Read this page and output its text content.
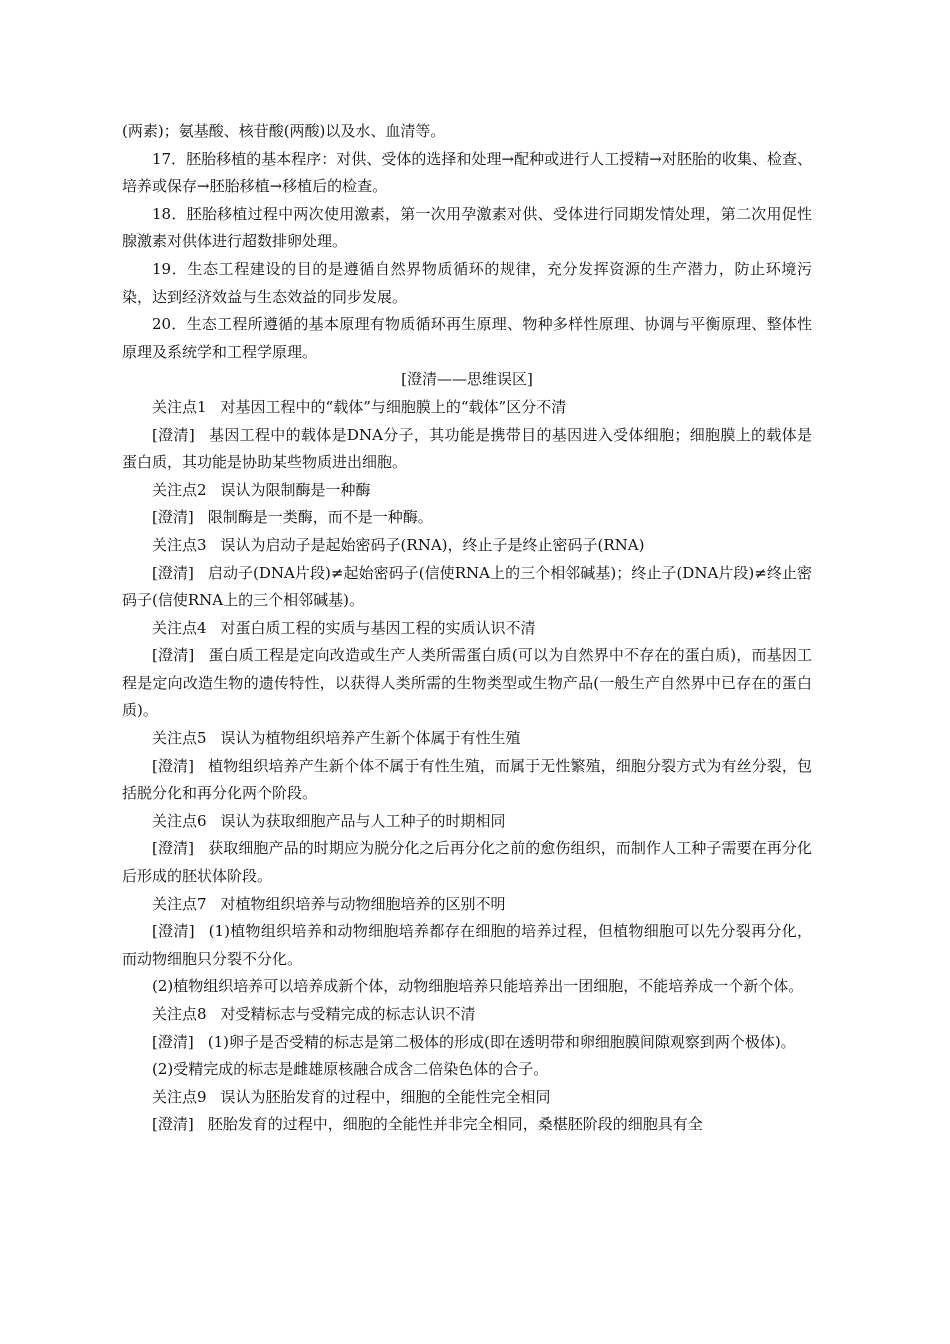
(两素)；氨基酸、核苷酸(两酸)以及水、血清等。

17．胚胎移植的基本程序：对供、受体的选择和处理→配种或进行人工授精→对胚胎的收集、检查、培养或保存→胚胎移植→移植后的检查。

18．胚胎移植过程中两次使用激素，第一次用孕激素对供、受体进行同期发情处理，第二次用促性腺激素对供体进行超数排卵处理。

19．生态工程建设的目的是遵循自然界物质循环的规律，充分发挥资源的生产潜力，防止环境污染，达到经济效益与生态效益的同步发展。

20．生态工程所遵循的基本原理有物质循环再生原理、物种多样性原理、协调与平衡原理、整体性原理及系统学和工程学原理。

[澄清——思维误区]

关注点1 对基因工程中的“载体”与细胞膜上的“载体”区分不清

[澄清] 基因工程中的载体是DNA分子，其功能是携带目的基因进入受体细胞；细胞膜上的载体是蛋白质，其功能是协助某些物质进出细胞。

关注点2 误认为限制酶是一种酶

[澄清] 限制酶是一类酶，而不是一种酶。

关注点3 误认为启动子是起始密码子(RNA)，终止子是终止密码子(RNA)

[澄清] 启动子(DNA片段)≠起始密码子(信使RNA上的三个相邻碱基)；终止子(DNA片段)≠终止密码子(信使RNA上的三个相邻碱基)。

关注点4 对蛋白质工程的实质与基因工程的实质认识不清

[澄清] 蛋白质工程是定向改造或生产人类所需蛋白质(可以为自然界中不存在的蛋白质)，而基因工程是定向改造生物的遗传特性，以获得人类所需的生物类型或生物产品(一般生产自然界中已存在的蛋白质)。

关注点5 误认为植物组织培养产生新个体属于有性生殖

[澄清] 植物组织培养产生新个体不属于有性生殖，而属于无性繁殖，细胞分裂方式为有丝分裂，包括脱分化和再分化两个阶段。

关注点6 误认为获取细胞产品与人工种子的时期相同

[澄清] 获取细胞产品的时期应为脱分化之后再分化之前的愈伤组织，而制作人工种子需要在再分化后形成的胚状体阶段。

关注点7 对植物组织培养与动物细胞培养的区别不明

[澄清] (1)植物组织培养和动物细胞培养都存在细胞的培养过程，但植物细胞可以先分裂再分化，而动物细胞只分裂不分化。

(2)植物组织培养可以培养成新个体，动物细胞培养只能培养出一团细胞，不能培养成一个新个体。

关注点8 对受精标志与受精完成的标志认识不清

[澄清] (1)卵子是否受精的标志是第二极体的形成(即在透明带和卵细胞膜间隙观察到两个极体)。

(2)受精完成的标志是雌雄原核融合成含二倍染色体的合子。

关注点9 误认为胚胎发育的过程中，细胞的全能性完全相同

[澄清] 胚胎发育的过程中，细胞的全能性并非完全相同，桑椹胚阶段的细胞具有全
